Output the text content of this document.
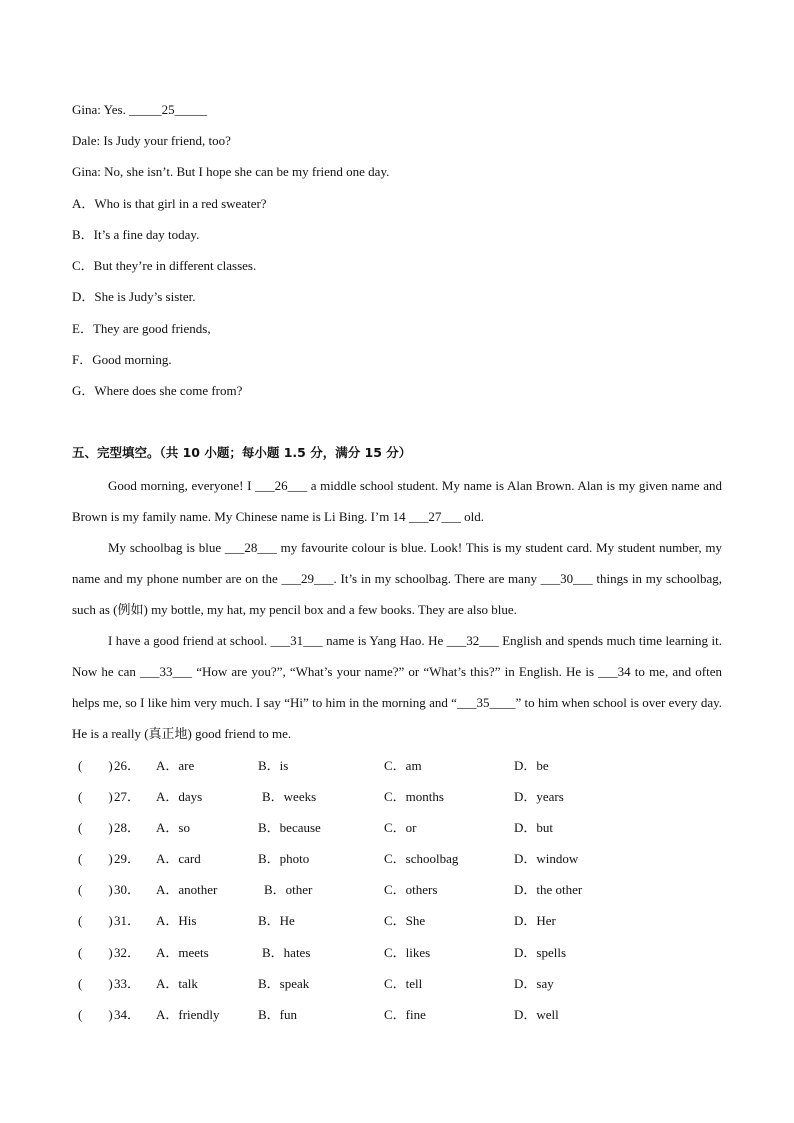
Gina: Yes. _____25_____
Dale: Is Judy your friend, too?
Gina: No, she isn’t. But I hope she can be my friend one day.
A．Who is that girl in a red sweater?
B．It’s a fine day today.
C．But they’re in different classes.
D．She is Judy’s sister.
E．They are good friends,
F．Good morning.
G．Where does she come from?
五、完型填空。（共 10 小题；每小题 1.5 分，满分 15 分）

Good morning, everyone! I ___26___ a middle school student. My name is Alan Brown. Alan is my given name and Brown is my family name. My Chinese name is Li Bing. I’m 14 ___27___ old.

My schoolbag is blue ___28___ my favourite colour is blue. Look! This is my student card. My student number, my name and my phone number are on the ___29___. It’s in my schoolbag. There are many ___30___ things in my schoolbag, such as (例如) my bottle, my hat, my pencil box and a few books. They are also blue.

I have a good friend at school. ___31___ name is Yang Hao. He ___32___ English and spends much time learning it. Now he can ___33___ “How are you?”, “What’s your name?” or “What’s this?” in English. He is ___34 to me, and often helps me, so I like him very much. I say “Hi” to him in the morning and “___35____” to him when school is over every day. He is a really (真正地) good friend to me.

(　　) 26． A．are	B．is	C．am	D．be
(　　) 27． A．days	B．weeks	C．months	D．years
(　　) 28． A．so	B．because	C．or	D．but
(　　) 29． A．card	B．photo	C．schoolbag	D．window
(　　) 30． A．another	B．other	C．others	D．the other
(　　) 31． A．His	B．He	C．She	D．Her
(　　) 32． A．meets	B．hates	C．likes	D．spells
(　　) 33． A．talk	B．speak	C．tell	D．say
(　　) 34． A．friendly	B．fun	C．fine	D．well
